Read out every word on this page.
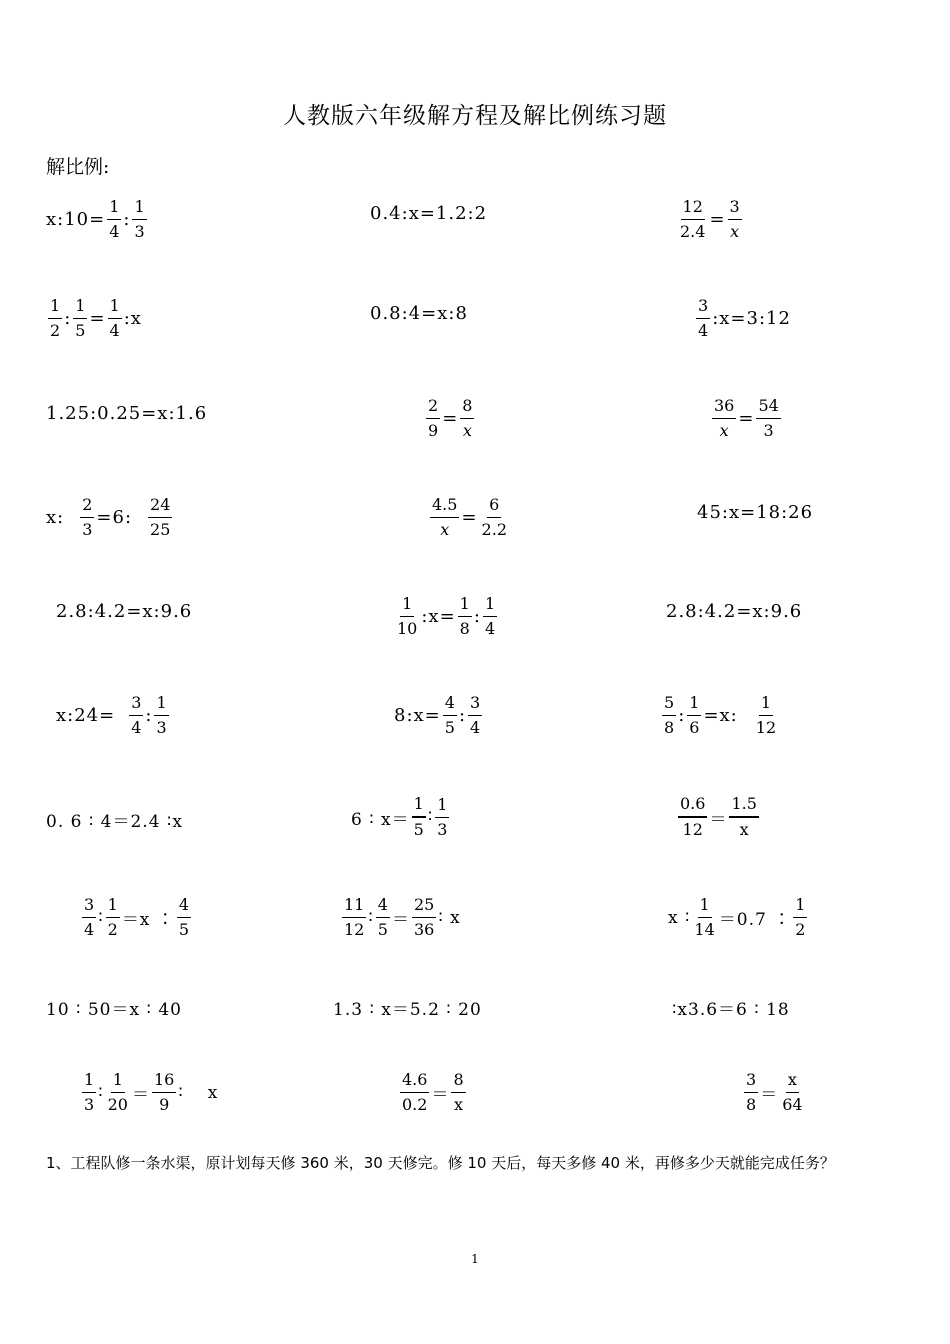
人教版六年级解方程及解比例练习题
解比例:
x:10= $\frac{1}{4}$ : $\frac{1}{3}$	0.4:x=1.2:2	$\frac{12}{2.4} = \frac{3}{x}$
$\frac{1}{2}$ : $\frac{1}{5} = \frac{1}{4}$ :x	0.8:4=x:8	$\frac{3}{4}$ :x=3:12
1.25:0.25=x:1.6	$\frac{2}{9} = \frac{8}{x}$	$\frac{36}{x} = \frac{54}{3}$
x: $\frac{2}{3} =6$: $\frac{24}{25}$	$\frac{4.5}{x} = \frac{6}{2.2}$	45:x=18:26
2.8:4.2=x:9.6	$\frac{1}{10}$ :x= $\frac{1}{8}$ : $\frac{1}{4}$	2.8:4.2=x:9.6
x:24= $\frac{3}{4}$ : $\frac{1}{3}$	8:x= $\frac{4}{5}$ : $\frac{3}{4}$	$\frac{5}{8}$ : $\frac{1}{6} =x$: $\frac{1}{12}$
0. 6 ∶ 4＝2.4 ∶x	6 ∶ $x= \frac{1}{5}$ ∶ $\frac{1}{3}$	$\frac{0.6}{12} = \frac{1.5}{x}$
$\frac{3}{4}$ ∶ $\frac{1}{2} =x$ ∶ $\frac{4}{5}$	$\frac{11}{12}$ ∶ $\frac{4}{5} = \frac{25}{36}$ ∶ x	x ∶ $\frac{1}{14} =0.7$ ∶ $\frac{1}{2}$
10 ∶ 50＝x ∶ 40	1.3 ∶ x＝5.2 ∶ 20	∶x3.6＝6 ∶ 18
$\frac{1}{3}$ ∶ $\frac{1}{20} = \frac{16}{9}$ ∶ x	$\frac{4.6}{0.2} = \frac{8}{x}$	$\frac{3}{8} = \frac{x}{64}$
1、工程队修一条水渠，原计划每天修 360 米，30 天修完。修 10 天后，每天多修 40 米，再修多少天就能完成任务？
1
